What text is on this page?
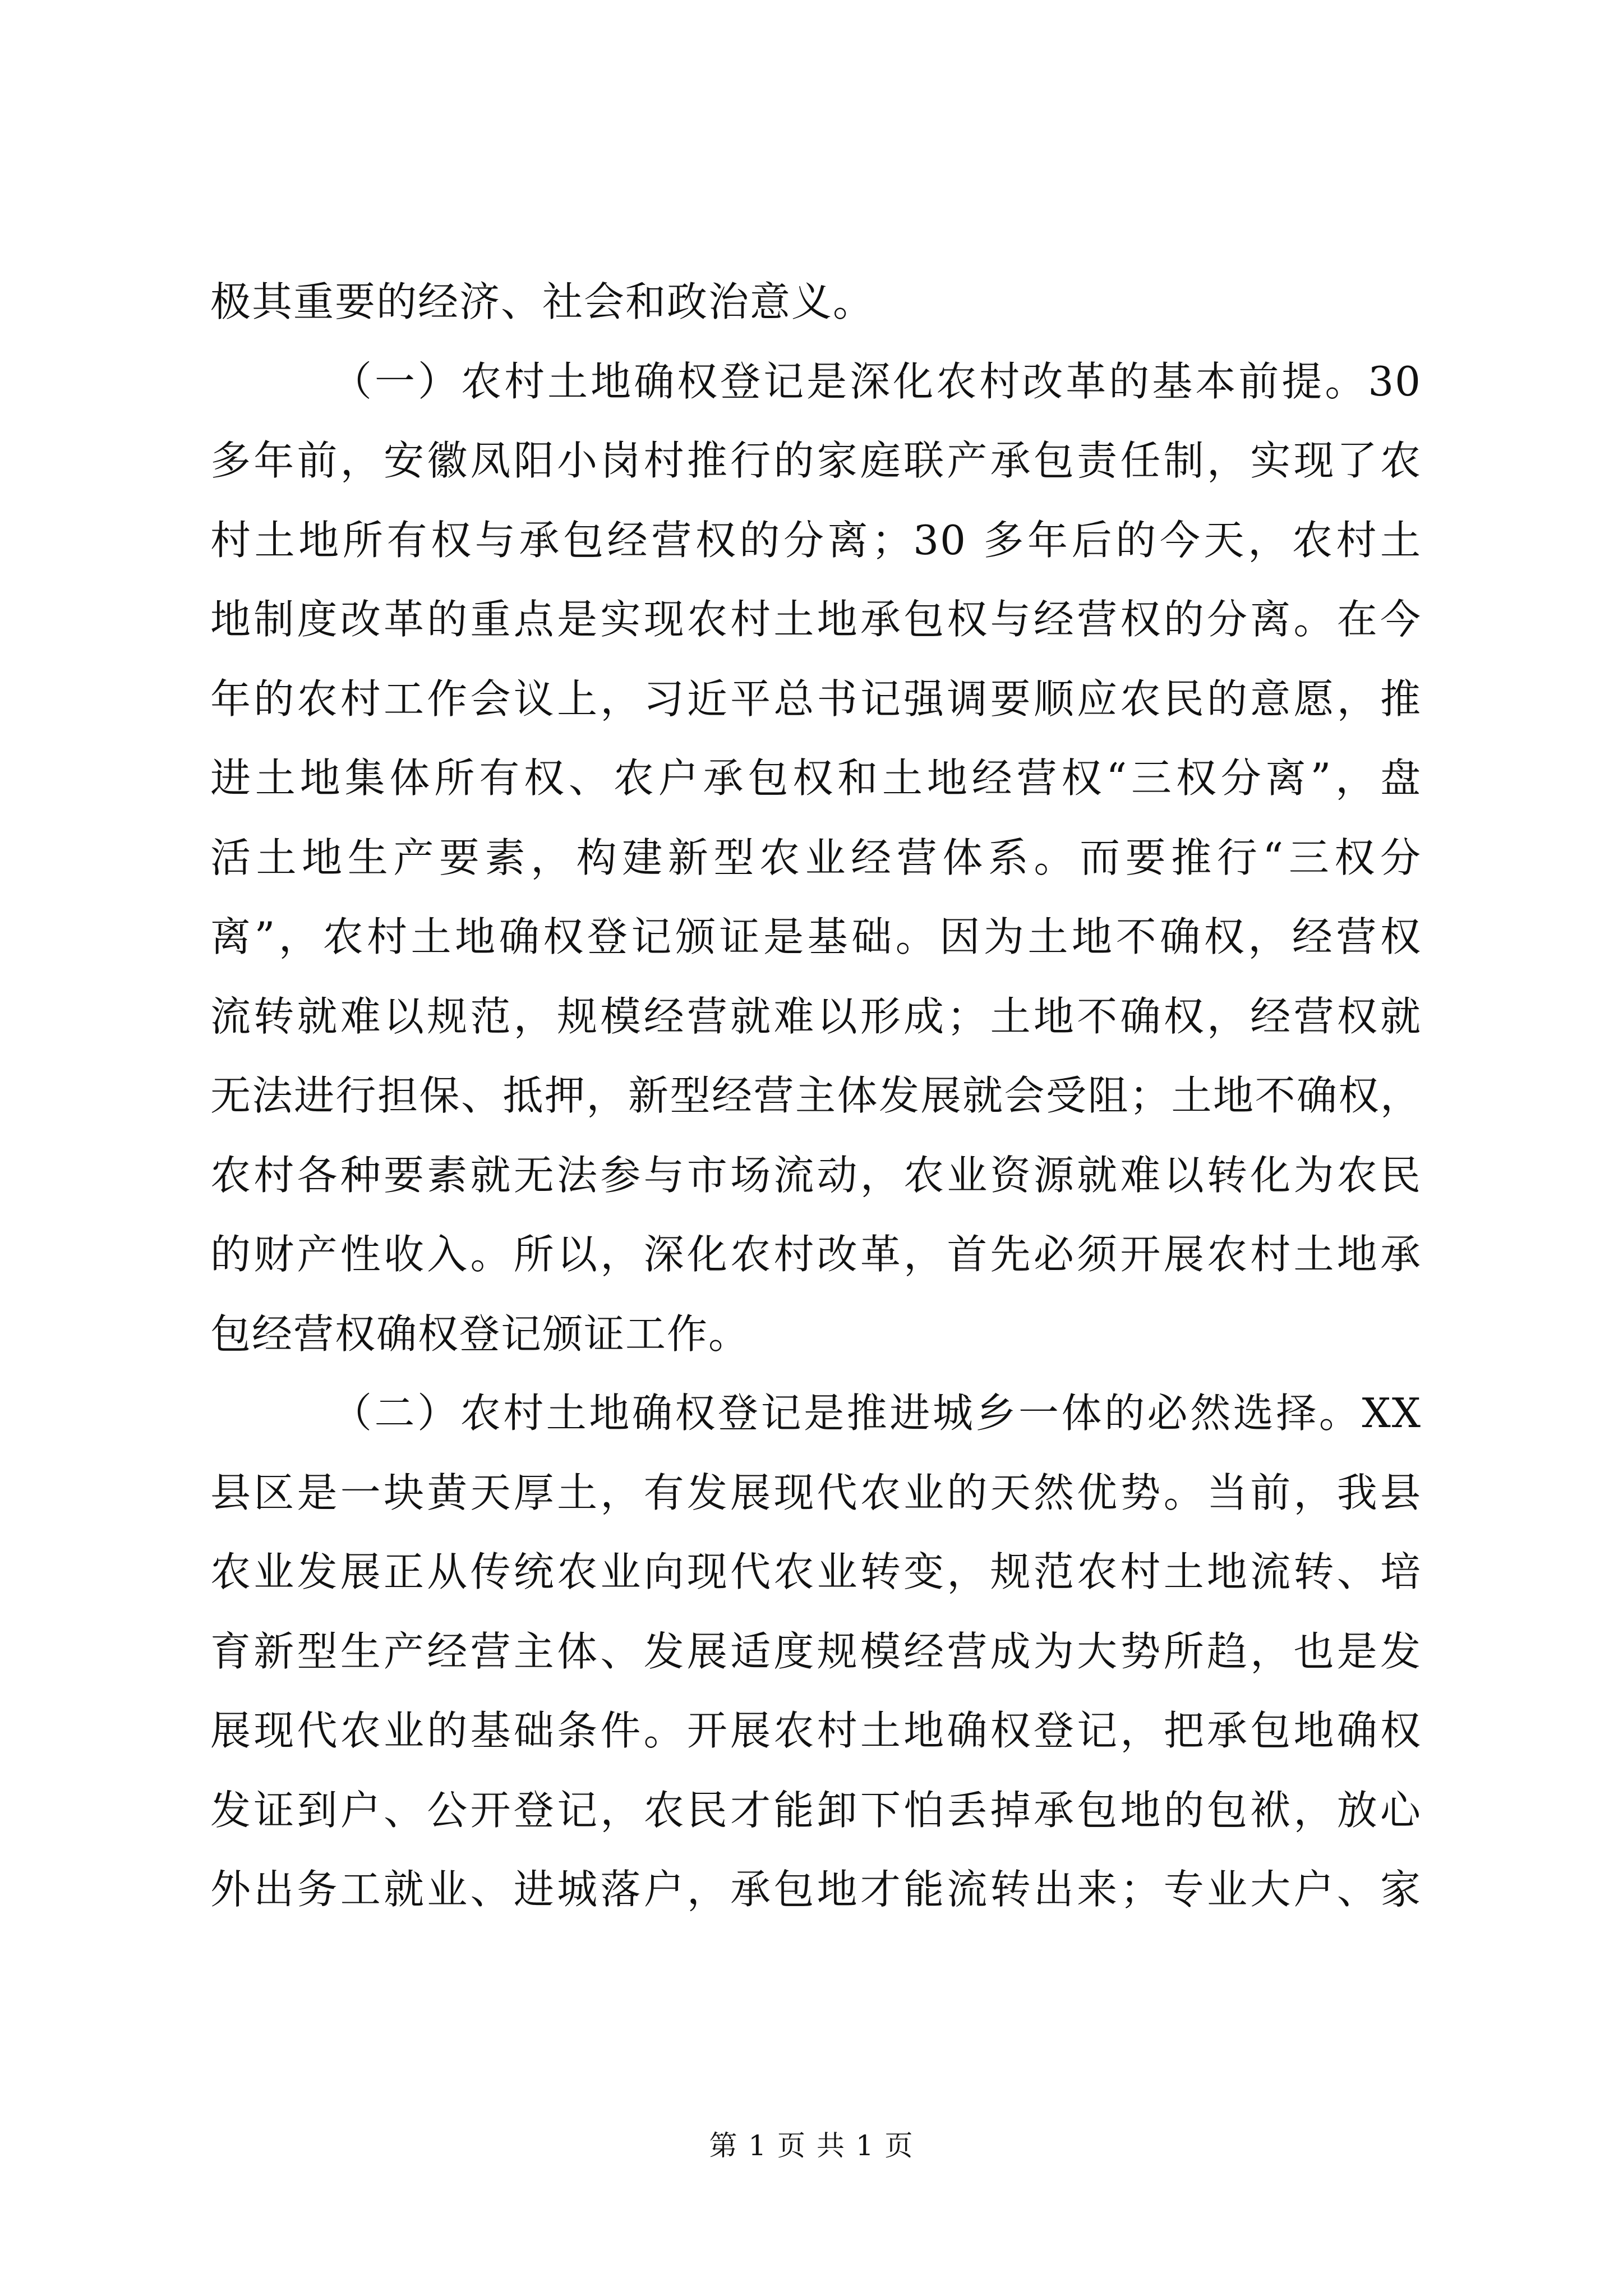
极其重要的经济、社会和政治意义。
（一）农村土地确权登记是深化农村改革的基本前提。30
多年前，安徽凤阳小岗村推行的家庭联产承包责任制，实现了农
村土地所有权与承包经营权的分离；30 多年后的今天，农村土
地制度改革的重点是实现农村土地承包权与经营权的分离。在今
年的农村工作会议上，习近平总书记强调要顺应农民的意愿，推
进土地集体所有权、农户承包权和土地经营权“三权分离”，盘
活土地生产要素，构建新型农业经营体系。而要推行“三权分
离”，农村土地确权登记颁证是基础。因为土地不确权，经营权
流转就难以规范，规模经营就难以形成；土地不确权，经营权就
无法进行担保、抵押，新型经营主体发展就会受阻；土地不确权，
农村各种要素就无法参与市场流动，农业资源就难以转化为农民
的财产性收入。所以，深化农村改革，首先必须开展农村土地承
包经营权确权登记颁证工作。
（二）农村土地确权登记是推进城乡一体的必然选择。XX
县区是一块黄天厚土，有发展现代农业的天然优势。当前，我县
农业发展正从传统农业向现代农业转变，规范农村土地流转、培
育新型生产经营主体、发展适度规模经营成为大势所趋，也是发
展现代农业的基础条件。开展农村土地确权登记，把承包地确权
发证到户、公开登记，农民才能卸下怕丢掉承包地的包袱，放心
外出务工就业、进城落户，承包地才能流转出来；专业大户、家
第 1 页 共 1 页
